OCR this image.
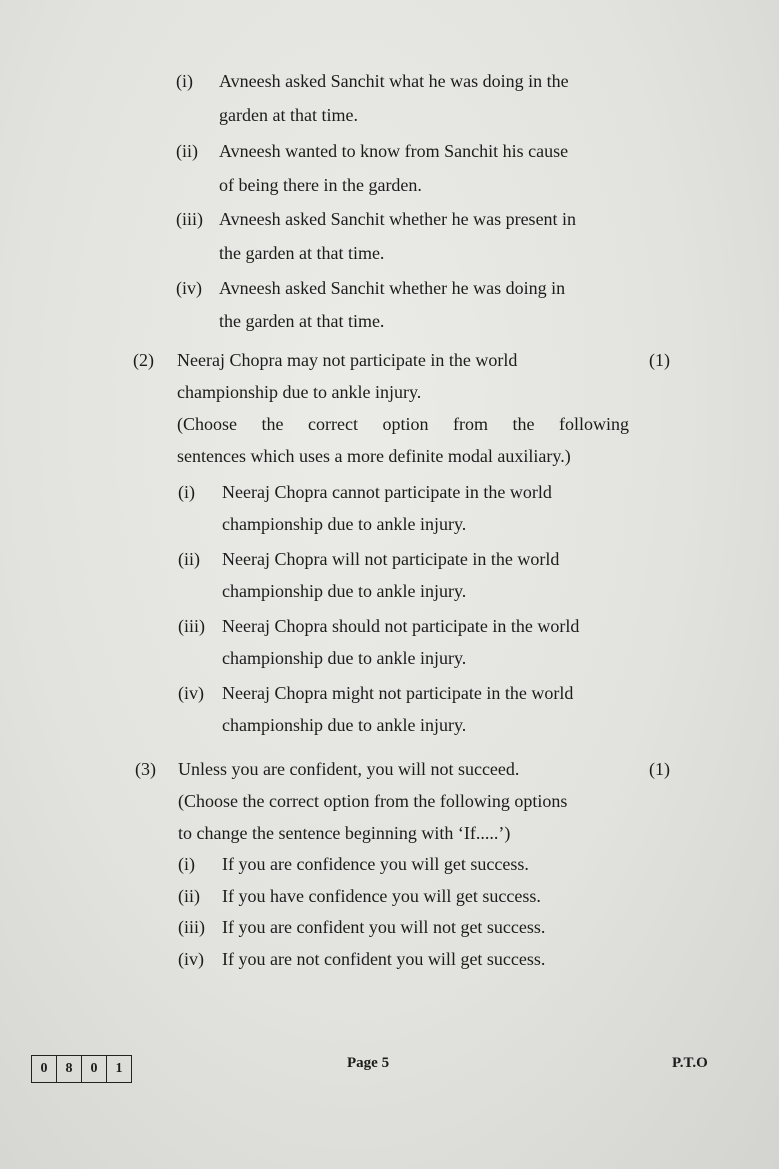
(i) Avneesh asked Sanchit what he was doing in the
garden at that time.
(ii) Avneesh wanted to know from Sanchit his cause
of being there in the garden.
(iii) Avneesh asked Sanchit whether he was present in
the garden at that time.
(iv) Avneesh asked Sanchit whether he was doing in
the garden at that time.
(2) Neeraj Chopra may not participate in the world	(1)
championship due to ankle injury.
(Choose the correct option from the following
sentences which uses a more definite modal auxiliary.)
(i) Neeraj Chopra cannot participate in the world
championship due to ankle injury.
(ii) Neeraj Chopra will not participate in the world
championship due to ankle injury.
(iii) Neeraj Chopra should not participate in the world
championship due to ankle injury.
(iv) Neeraj Chopra might not participate in the world
championship due to ankle injury.
(3) Unless you are confident, you will not succeed.	(1)
(Choose the correct option from the following options
to change the sentence beginning with ‘If.....’)
(i) If you are confidence you will get success.
(ii) If you have confidence you will get success.
(iii) If you are confident you will not get success.
(iv) If you are not confident you will get success.
0	8	0	1	Page 5	P.T.O
